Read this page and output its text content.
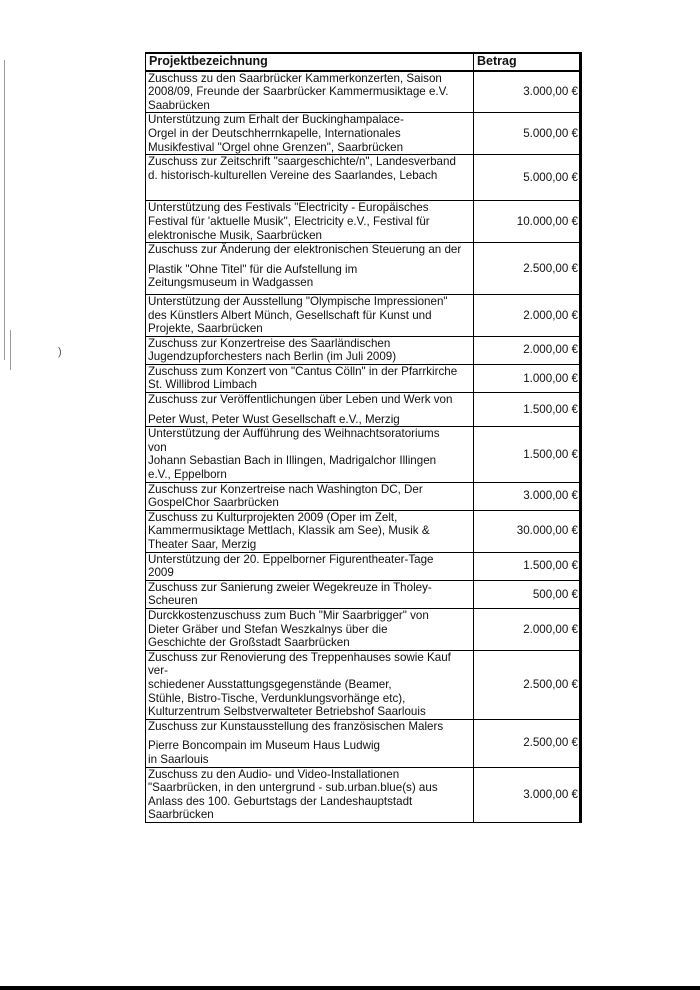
)
Projektbezeichnung	Betrag

Zuschuss zu den Saarbrücker Kammerkonzerten, Saison
2008/09, Freunde der Saarbrücker Kammermusiktage e.V.
Saabrücken	3.000,00 €

Unterstützung zum Erhalt der Buckinghampalace-
Orgel in der Deutschherrnkapelle, Internationales
Musikfestival "Orgel ohne Grenzen", Saarbrücken	5.000,00 €

Zuschuss zur Zeitschrift "saargeschichte/n", Landesverband
d. historisch-kulturellen Vereine des Saarlandes, Lebach	5.000,00 €

Unterstützung des Festivals "Electricity - Europäisches
Festival für 'aktuelle Musik", Electricity e.V., Festival für
elektronische Musik, Saarbrücken	10.000,00 €

Zuschuss zur Änderung der elektronischen Steuerung an der
Plastik "Ohne Titel" für die Aufstellung im
Zeitungsmuseum in Wadgassen	2.500,00 €

Unterstützung der Ausstellung "Olympische Impressionen"
des Künstlers Albert Münch, Gesellschaft für Kunst und
Projekte, Saarbrücken	2.000,00 €

Zuschuss zur Konzertreise des Saarländischen
Jugendzupforchesters nach Berlin (im Juli 2009)	2.000,00 €

Zuschuss zum Konzert von "Cantus Cölln" in der Pfarrkirche
St. Willibrod Limbach	1.000,00 €

Zuschuss zur Veröffentlichungen über Leben und Werk von
Peter Wust, Peter Wust Gesellschaft e.V., Merzig	1.500,00 €

Unterstützung der Aufführung des Weihnachtsoratoriums
von
Johann Sebastian Bach in Illingen, Madrigalchor Illingen
e.V., Eppelborn	1.500,00 €

Zuschuss zur Konzertreise nach Washington DC, Der
GospelChor Saarbrücken	3.000,00 €

Zuschuss zu Kulturprojekten 2009 (Oper im Zelt,
Kammermusiktage Mettlach, Klassik am See), Musik &
Theater Saar, Merzig	30.000,00 €

Unterstützung der 20. Eppelborner Figurentheater-Tage
2009	1.500,00 €

Zuschuss zur Sanierung zweier Wegekreuze in Tholey-
Scheuren	500,00 €

Durckkostenzuschuss zum Buch "Mir Saarbrigger" von
Dieter Gräber und Stefan Weszkalnys über die
Geschichte der Großstadt Saarbrücken	2.000,00 €

Zuschuss zur Renovierung des Treppenhauses sowie Kauf
ver-
schiedener Ausstattungsgegenstände (Beamer,
Stühle, Bistro-Tische, Verdunklungsvorhänge etc),
Kulturzentrum Selbstverwalteter Betriebshof Saarlouis	2.500,00 €

Zuschuss zur Kunstausstellung des französischen Malers
Pierre Boncompain im Museum Haus Ludwig
in Saarlouis	2.500,00 €

Zuschuss zu den Audio- und Video-Installationen
"Saarbrücken, in den untergrund - sub.urban.blue(s) aus
Anlass des 100. Geburtstags der Landeshauptstadt
Saarbrücken	3.000,00 €
